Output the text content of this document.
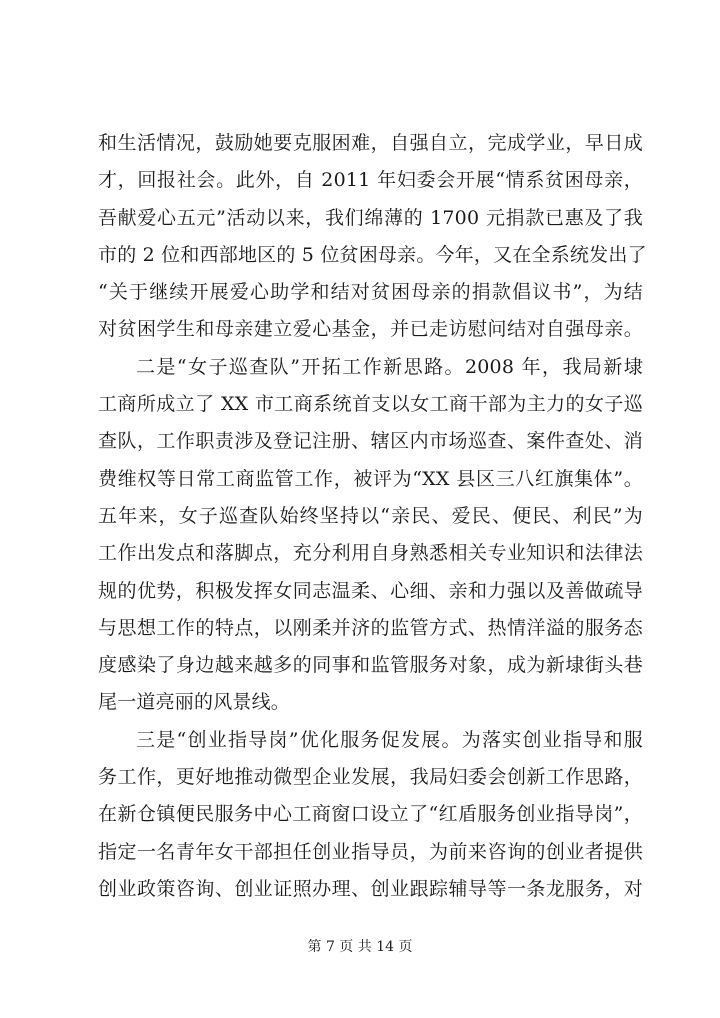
和生活情况，鼓励她要克服困难，自强自立，完成学业，早日成
才，回报社会。此外，自 2011 年妇委会开展“情系贫困母亲，
吾献爱心五元”活动以来，我们绵薄的 1700 元捐款已惠及了我
市的 2 位和西部地区的 5 位贫困母亲。今年，又在全系统发出了
“关于继续开展爱心助学和结对贫困母亲的捐款倡议书”，为结
对贫困学生和母亲建立爱心基金，并已走访慰问结对自强母亲。
二是“女子巡查队”开拓工作新思路。2008 年，我局新埭
工商所成立了 XX 市工商系统首支以女工商干部为主力的女子巡
查队，工作职责涉及登记注册、辖区内市场巡查、案件查处、消
费维权等日常工商监管工作，被评为“XX 县区三八红旗集体”。
五年来，女子巡查队始终坚持以“亲民、爱民、便民、利民”为
工作出发点和落脚点，充分利用自身熟悉相关专业知识和法律法
规的优势，积极发挥女同志温柔、心细、亲和力强以及善做疏导
与思想工作的特点，以刚柔并济的监管方式、热情洋溢的服务态
度感染了身边越来越多的同事和监管服务对象，成为新埭街头巷
尾一道亮丽的风景线。
三是“创业指导岗”优化服务促发展。为落实创业指导和服
务工作，更好地推动微型企业发展，我局妇委会创新工作思路，
在新仓镇便民服务中心工商窗口设立了“红盾服务创业指导岗”，
指定一名青年女干部担任创业指导员，为前来咨询的创业者提供
创业政策咨询、创业证照办理、创业跟踪辅导等一条龙服务，对
第 7 页 共 14 页
